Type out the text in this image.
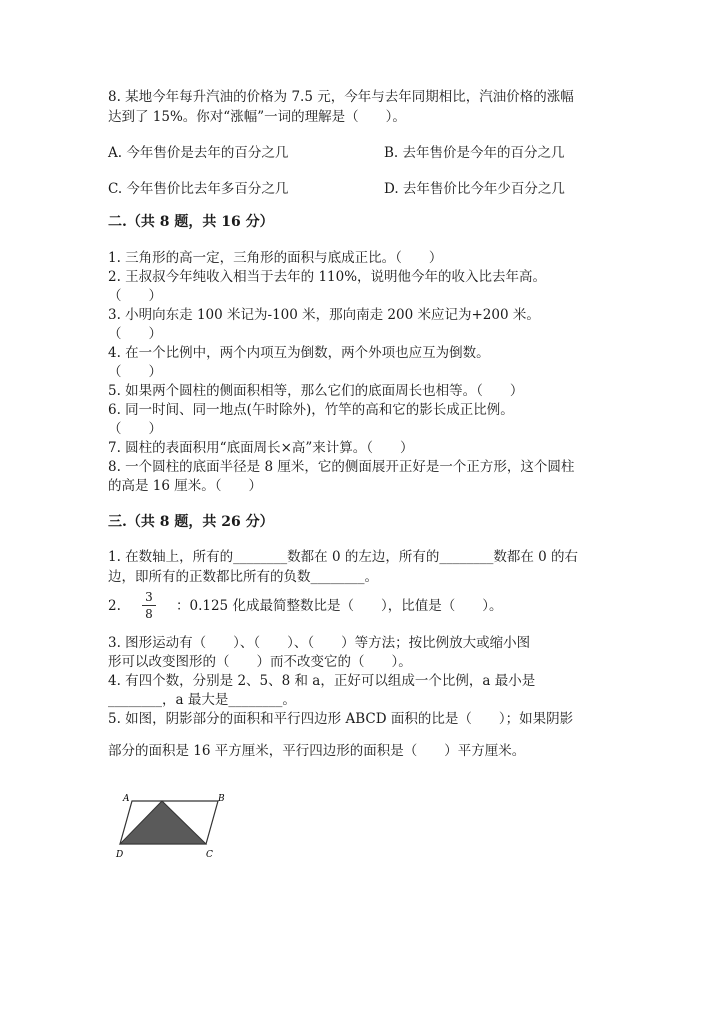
8. 某地今年每升汽油的价格为 7.5 元，今年与去年同期相比，汽油价格的涨幅
达到了 15%。你对“涨幅”一词的理解是（　　）。
A. 今年售价是去年的百分之几	B. 去年售价是今年的百分之几
C. 今年售价比去年多百分之几	D. 去年售价比今年少百分之几
二.（共 8 题，共 16 分）
1. 三角形的高一定，三角形的面积与底成正比。（　　）
2. 王叔叔今年纯收入相当于去年的 110%，说明他今年的收入比去年高。
（　　）
3. 小明向东走 100 米记为-100 米，那向南走 200 米应记为+200 米。
（　　）
4. 在一个比例中，两个内项互为倒数，两个外项也应互为倒数。
（　　）
5. 如果两个圆柱的侧面积相等，那么它们的底面周长也相等。（　　）
6. 同一时间、同一地点(午时除外)，竹竿的高和它的影长成正比例。
（　　）
7. 圆柱的表面积用“底面周长×高”来计算。（　　）
8. 一个圆柱的底面半径是 8 厘米，它的侧面展开正好是一个正方形，这个圆柱
的高是 16 厘米。（　　）
三.（共 8 题，共 26 分）
1. 在数轴上，所有的________数都在 0 的左边，所有的________数都在 0 的右
边，即所有的正数都比所有的负数________。
2. $\frac{3}{8}$ ：0.125 化成最简整数比是（　　），比值是（　　）。
3. 图形运动有（　　）、（　　）、（　　）等方法；按比例放大或缩小图
形可以改变图形的（　　）而不改变它的（　　）。
4. 有四个数，分别是 2、5、8 和 a，正好可以组成一个比例，a 最小是
________，a 最大是________。
5. 如图，阴影部分的面积和平行四边形 ABCD 面积的比是（　　）；如果阴影
部分的面积是 16 平方厘米，平行四边形的面积是（　　）平方厘米。
A	B
C
D
